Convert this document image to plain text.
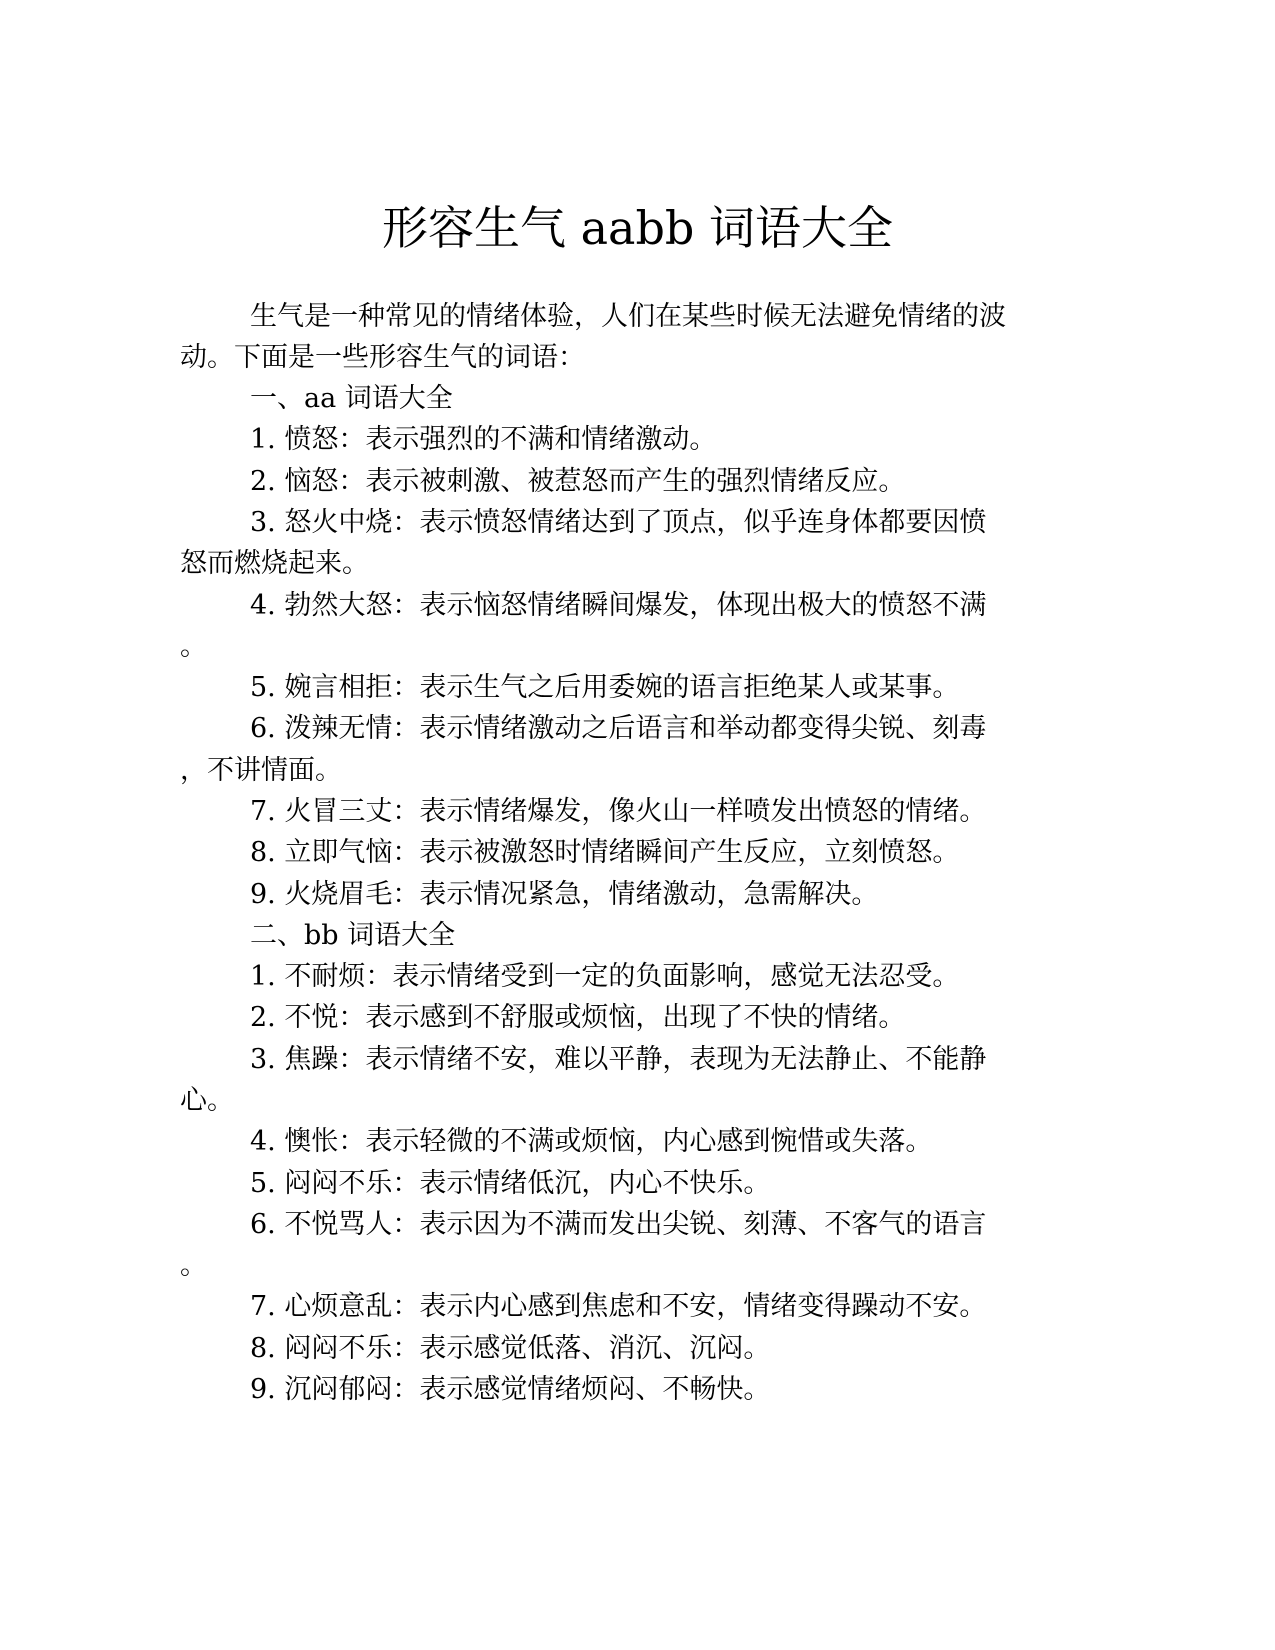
形容生气 aabb 词语大全
生气是一种常见的情绪体验，人们在某些时候无法避免情绪的波
动。下面是一些形容生气的词语：
一、aa 词语大全
1. 愤怒：表示强烈的不满和情绪激动。
2. 恼怒：表示被刺激、被惹怒而产生的强烈情绪反应。
3. 怒火中烧：表示愤怒情绪达到了顶点，似乎连身体都要因愤
怒而燃烧起来。
4. 勃然大怒：表示恼怒情绪瞬间爆发，体现出极大的愤怒不满
。
5. 婉言相拒：表示生气之后用委婉的语言拒绝某人或某事。
6. 泼辣无情：表示情绪激动之后语言和举动都变得尖锐、刻毒
，不讲情面。
7. 火冒三丈：表示情绪爆发，像火山一样喷发出愤怒的情绪。
8. 立即气恼：表示被激怒时情绪瞬间产生反应，立刻愤怒。
9. 火烧眉毛：表示情况紧急，情绪激动，急需解决。
二、bb 词语大全
1. 不耐烦：表示情绪受到一定的负面影响，感觉无法忍受。
2. 不悦：表示感到不舒服或烦恼，出现了不快的情绪。
3. 焦躁：表示情绪不安，难以平静，表现为无法静止、不能静
心。
4. 懊怅：表示轻微的不满或烦恼，内心感到惋惜或失落。
5. 闷闷不乐：表示情绪低沉，内心不快乐。
6. 不悦骂人：表示因为不满而发出尖锐、刻薄、不客气的语言
。
7. 心烦意乱：表示内心感到焦虑和不安，情绪变得躁动不安。
8. 闷闷不乐：表示感觉低落、消沉、沉闷。
9. 沉闷郁闷：表示感觉情绪烦闷、不畅快。
